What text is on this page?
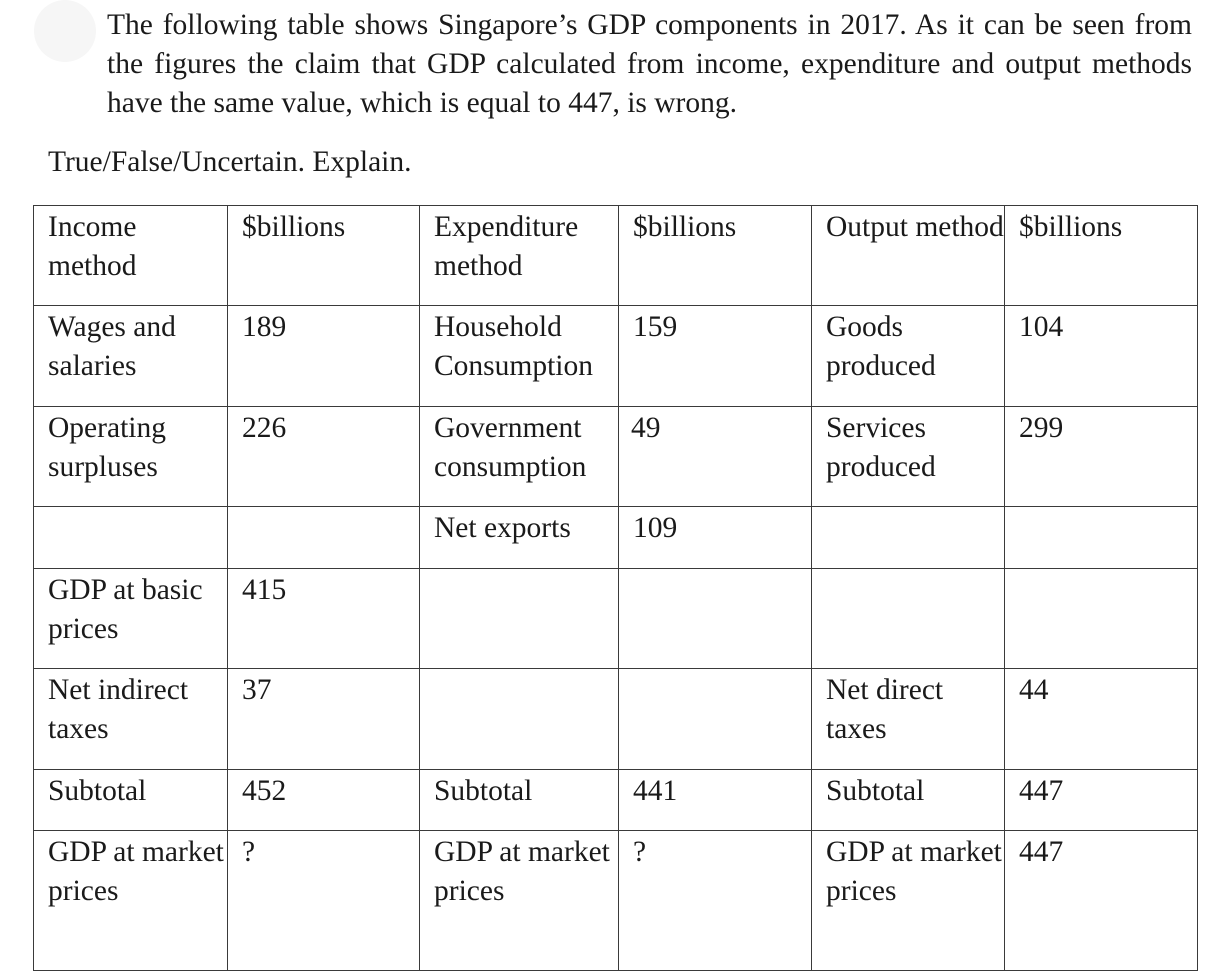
The following table shows Singapore’s GDP components in 2017. As it can be seen from the figures the claim that GDP calculated from income, expenditure and output methods have the same value, which is equal to 447, is wrong.

True/False/Uncertain. Explain.

Income method	$billions	Expenditure method	$billions	Output method	$billions
Wages and salaries	189	Household Consumption	159	Goods produced	104
Operating surpluses	226	Government consumption	49	Services produced	299
		Net exports	109		
GDP at basic prices	415				
Net indirect taxes	37			Net direct taxes	44
Subtotal	452	Subtotal	441	Subtotal	447
GDP at market prices	?	GDP at market prices	?	GDP at market prices	447
